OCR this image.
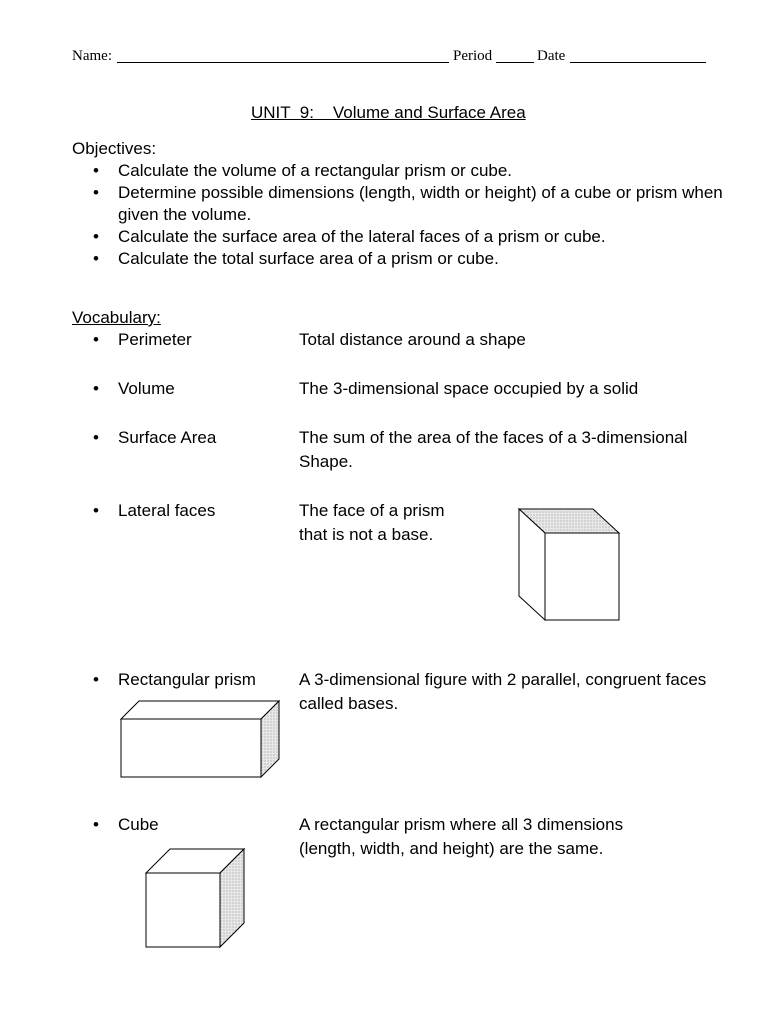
Name:	Period	Date
UNIT  9:    Volume and Surface Area
Objectives:
• Calculate the volume of a rectangular prism or cube.
• Determine possible dimensions (length, width or height) of a cube or prism when given the volume.
• Calculate the surface area of the lateral faces of a prism or cube.
• Calculate the total surface area of a prism or cube.
Vocabulary:
• Perimeter	Total distance around a shape
• Volume	The 3-dimensional space occupied by a solid
• Surface Area	The sum of the area of the faces of a 3-dimensional Shape.
• Lateral faces	The face of a prism that is not a base.
• Rectangular prism	A 3-dimensional figure with 2 parallel, congruent faces called bases.
• Cube	A rectangular prism where all 3 dimensions (length, width, and height) are the same.
